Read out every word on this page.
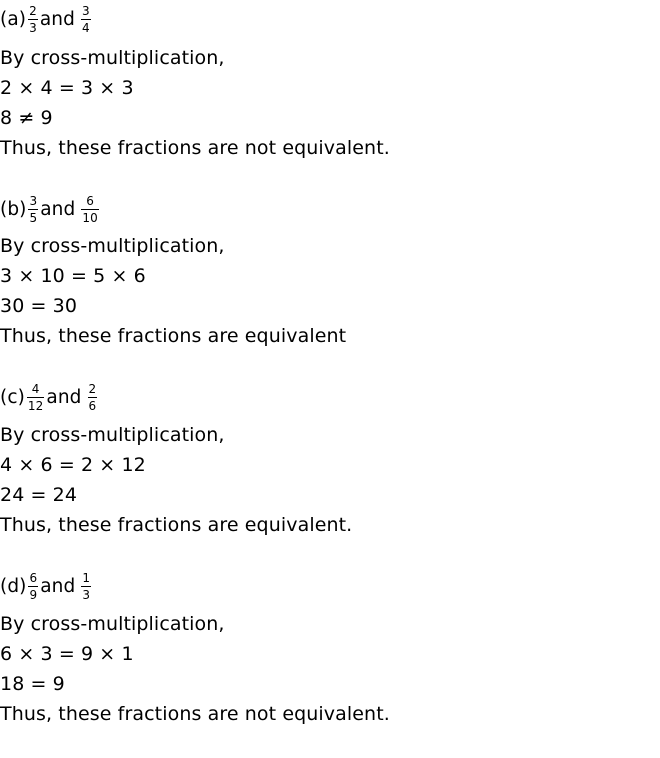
$(a) \frac{2}{3}$ and $\frac{3}{4}$
By cross-multiplication,
2 × 4 = 3 × 3
8 ≠ 9
Thus, these fractions are not equivalent.
$(b) \frac{3}{5}$ and $\frac{6}{10}$
By cross-multiplication,
3 × 10 = 5 × 6
30 = 30
Thus, these fractions are equivalent
$(c) \frac{4}{12}$ and $\frac{2}{6}$
By cross-multiplication,
4 × 6 = 2 × 12
24 = 24
Thus, these fractions are equivalent.
$(d) \frac{6}{9}$ and $\frac{1}{3}$
By cross-multiplication,
6 × 3 = 9 × 1
18 = 9
Thus, these fractions are not equivalent.
